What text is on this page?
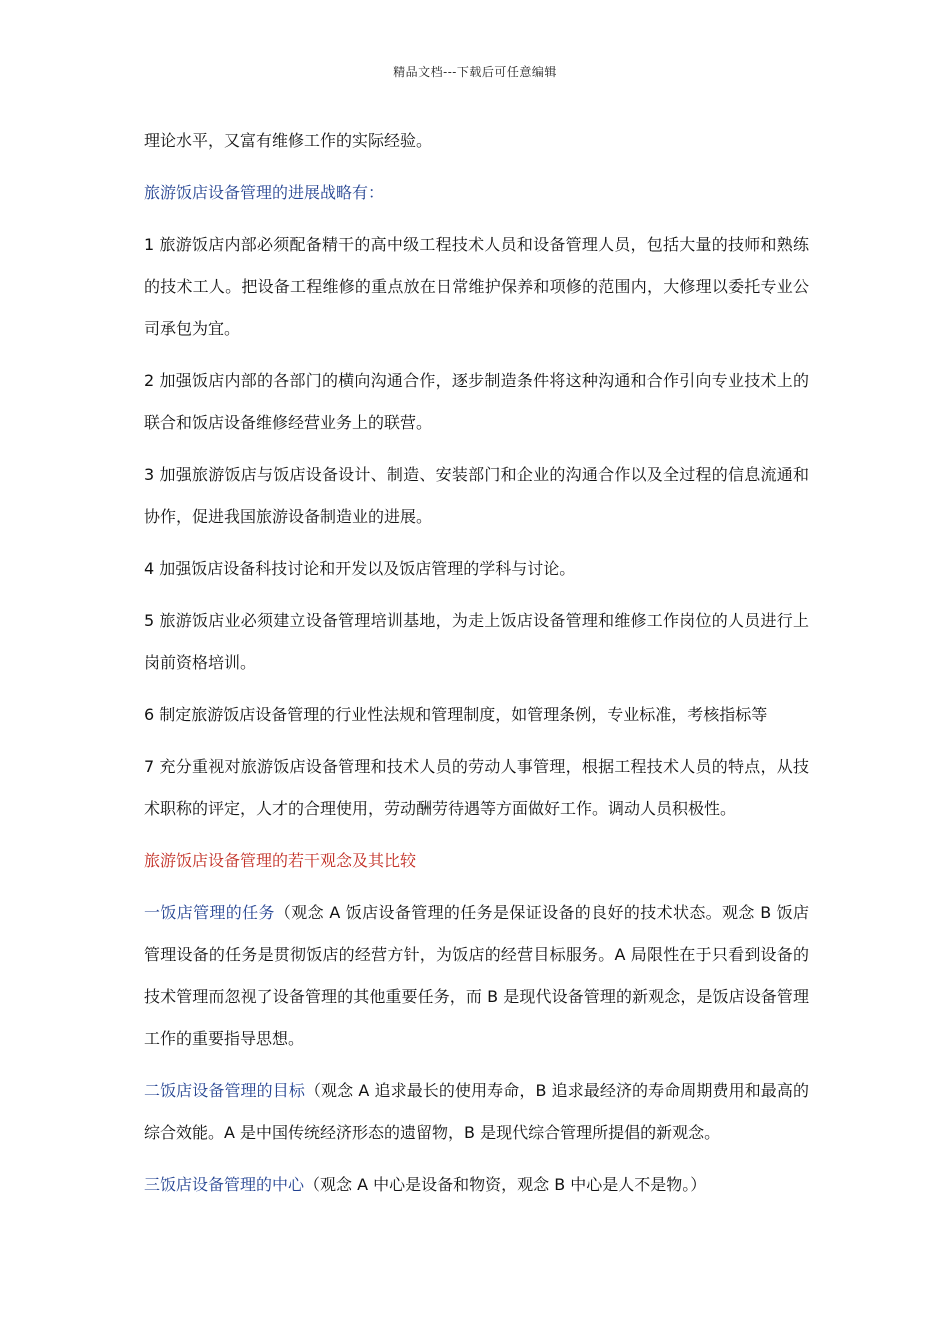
精品文档---下载后可任意编辑

理论水平，又富有维修工作的实际经验。

旅游饭店设备管理的进展战略有：

1 旅游饭店内部必须配备精干的高中级工程技术人员和设备管理人员，包括大量的技师和熟练的技术工人。把设备工程维修的重点放在日常维护保养和项修的范围内，大修理以委托专业公司承包为宜。

2 加强饭店内部的各部门的横向沟通合作，逐步制造条件将这种沟通和合作引向专业技术上的联合和饭店设备维修经营业务上的联营。

3 加强旅游饭店与饭店设备设计、制造、安装部门和企业的沟通合作以及全过程的信息流通和协作，促进我国旅游设备制造业的进展。

4 加强饭店设备科技讨论和开发以及饭店管理的学科与讨论。

5 旅游饭店业必须建立设备管理培训基地，为走上饭店设备管理和维修工作岗位的人员进行上岗前资格培训。

6 制定旅游饭店设备管理的行业性法规和管理制度，如管理条例，专业标准，考核指标等

7 充分重视对旅游饭店设备管理和技术人员的劳动人事管理，根据工程技术人员的特点，从技术职称的评定，人才的合理使用，劳动酬劳待遇等方面做好工作。调动人员积极性。

旅游饭店设备管理的若干观念及其比较

一饭店管理的任务（观念 A 饭店设备管理的任务是保证设备的良好的技术状态。观念 B 饭店管理设备的任务是贯彻饭店的经营方针，为饭店的经营目标服务。A 局限性在于只看到设备的技术管理而忽视了设备管理的其他重要任务，而 B 是现代设备管理的新观念，是饭店设备管理工作的重要指导思想。

二饭店设备管理的目标（观念 A 追求最长的使用寿命，B 追求最经济的寿命周期费用和最高的综合效能。A 是中国传统经济形态的遗留物，B 是现代综合管理所提倡的新观念。

三饭店设备管理的中心（观念 A 中心是设备和物资，观念 B 中心是人不是物。）
